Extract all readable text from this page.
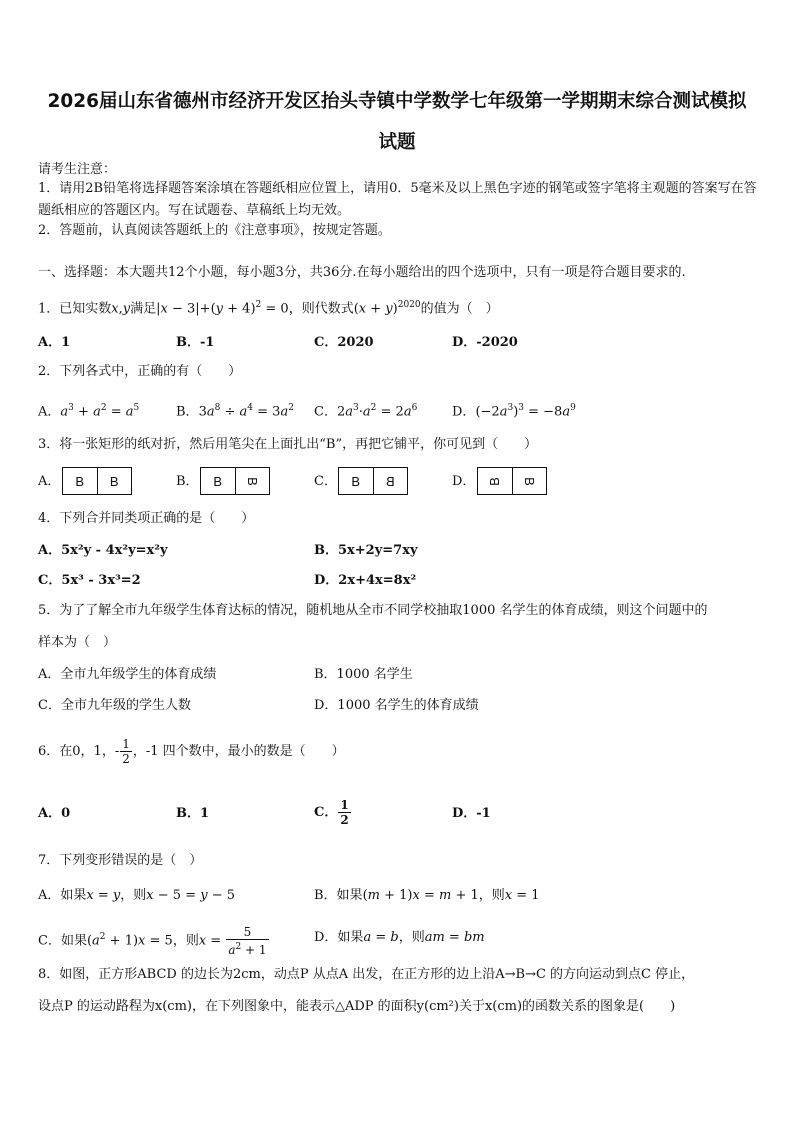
2026届山东省德州市经济开发区抬头寺镇中学数学七年级第一学期期末综合测试模拟
试题
请考生注意：
1．请用2B铅笔将选择题答案涂填在答题纸相应位置上，请用0．5毫米及以上黑色字迹的钢笔或签字笔将主观题的答案写在答题纸相应的答题区内。写在试题卷、草稿纸上均无效。
2．答题前，认真阅读答题纸上的《注意事项》，按规定答题。
一、选择题：本大题共12个小题，每小题3分，共36分.在每小题给出的四个选项中，只有一项是符合题目要求的.
1．已知实数x,y满足$|x - 3|+(y + 4)^2 = 0$，则代数式$(x + y)^{2020}$的值为（　）
A．1	B．-1	C．2020	D．-2020
2．下列各式中，正确的有（　　）
A．$a^3 + a^2 = a^5$	B．$3a^8 \div a^4 = 3a^2$ C．$2a^3\cdot a^2 = 2a^6$	D．$(-2a^3)^3 = -8a^9$
3．将一张矩形的纸对折，然后用笔尖在上面扎出“B”，再把它铺平，你可见到（　　）
A．	B	B	B．	B	B	C．	B	B	D． B B
4．下列合并同类项正确的是（　　）
A．5x²y - 4x²y=x²y	B．5x+2y=7xy
C．5x³ - 3x³=2	D．2x+4x=8x²
5．为了了解全市九年级学生体育达标的情况，随机地从全市不同学校抽取1000 名学生的体育成绩，则这个问题中的
样本为（　）
A．全市九年级学生的体育成绩	B．1000 名学生
C．全市九年级的学生人数	D．1000 名学生的体育成绩
6．在0，1，- $\frac{1}{2}$ ，-1 四个数中，最小的数是（　　）
A．0	B．1	C． $\frac{1}{2}$	D．-1
7．下列变形错误的是（　）
A．如果x = y，则x − 5 = y − 5	B．如果(m + 1)x = m + 1，则x = 1
C．如果$(a^2 + 1)x = 5$，则$x = \frac{5}{a^2 + 1}$	D．如果a = b，则am = bm
8．如图，正方形ABCD 的边长为2cm，动点P 从点A 出发，在正方形的边上沿A→B→C 的方向运动到点C 停止，
设点P 的运动路程为x(cm)，在下列图象中，能表示△ADP 的面积y(cm²)关于x(cm)的函数关系的图象是(　　)
